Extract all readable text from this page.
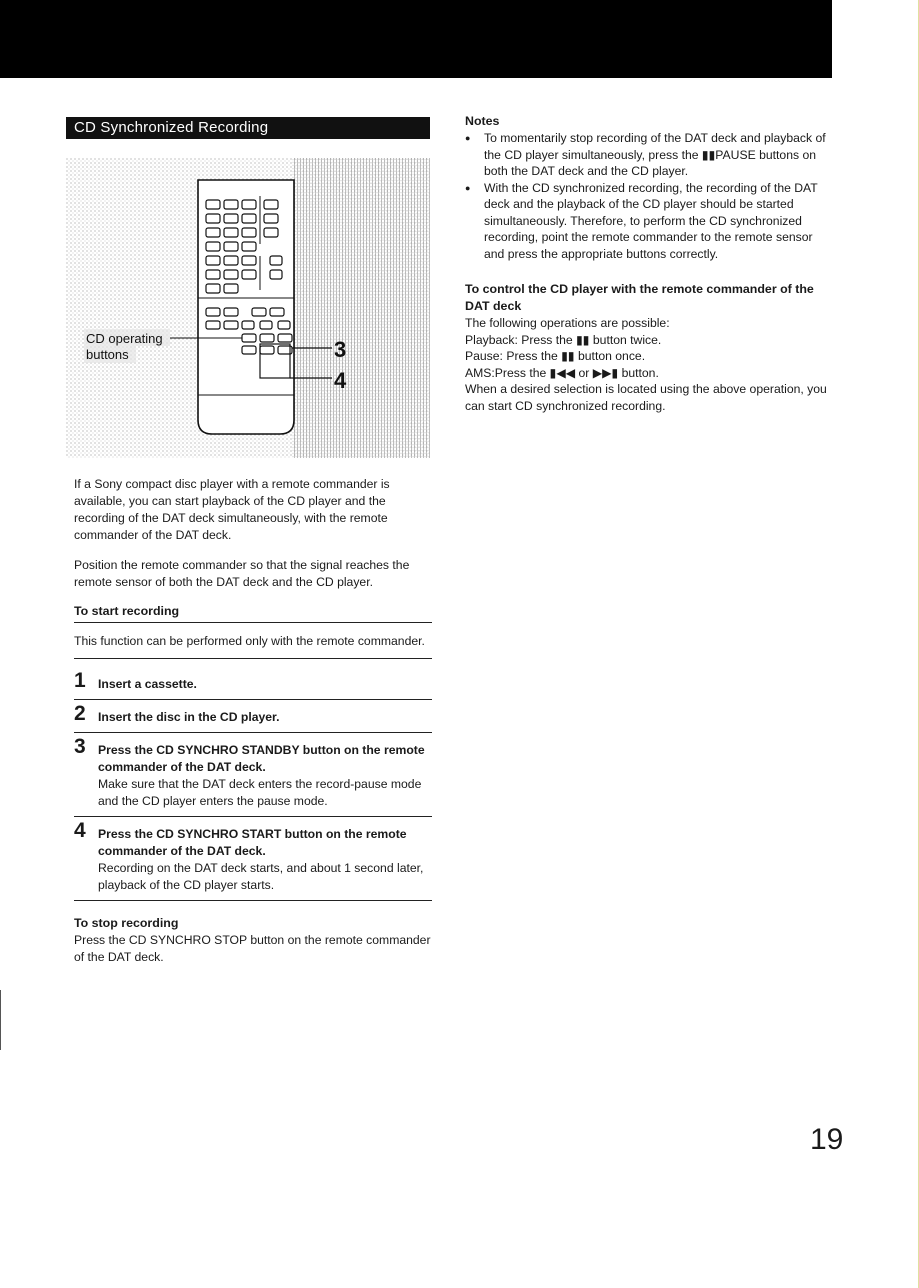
CD Synchronized Recording
CD operating
buttons	3
4

If a Sony compact disc player with a remote commander is available, you can start playback of the CD player and the recording of the DAT deck simultaneously, with the remote commander of the DAT deck.

Position the remote commander so that the signal reaches the remote sensor of both the DAT deck and the CD player.

To start recording

This function can be performed only with the remote commander.

1 Insert a cassette.
2 Insert the disc in the CD player.
3 Press the CD SYNCHRO STANDBY button on the remote commander of the DAT deck.
Make sure that the DAT deck enters the record-pause mode and the CD player enters the pause mode.
4 Press the CD SYNCHRO START button on the remote commander of the DAT deck.
Recording on the DAT deck starts, and about 1 second later, playback of the CD player starts.
To stop recording
Press the CD SYNCHRO STOP button on the remote commander of the DAT deck.
Notes
● To momentarily stop recording of the DAT deck and playback of the CD player simultaneously, press the ▮▮PAUSE buttons on both the DAT deck and the CD player.
● With the CD synchronized recording, the recording of the DAT deck and the playback of the CD player should be started simultaneously. Therefore, to perform the CD synchronized recording, point the remote commander to the remote sensor and press the appropriate buttons correctly.
To control the CD player with the remote commander of the DAT deck
The following operations are possible:
Playback: Press the ▮▮ button twice.
Pause: Press the ▮▮ button once.
AMS:Press the ▮◀◀ or ▶▶▮ button.
When a desired selection is located using the above operation, you can start CD synchronized recording.
19
